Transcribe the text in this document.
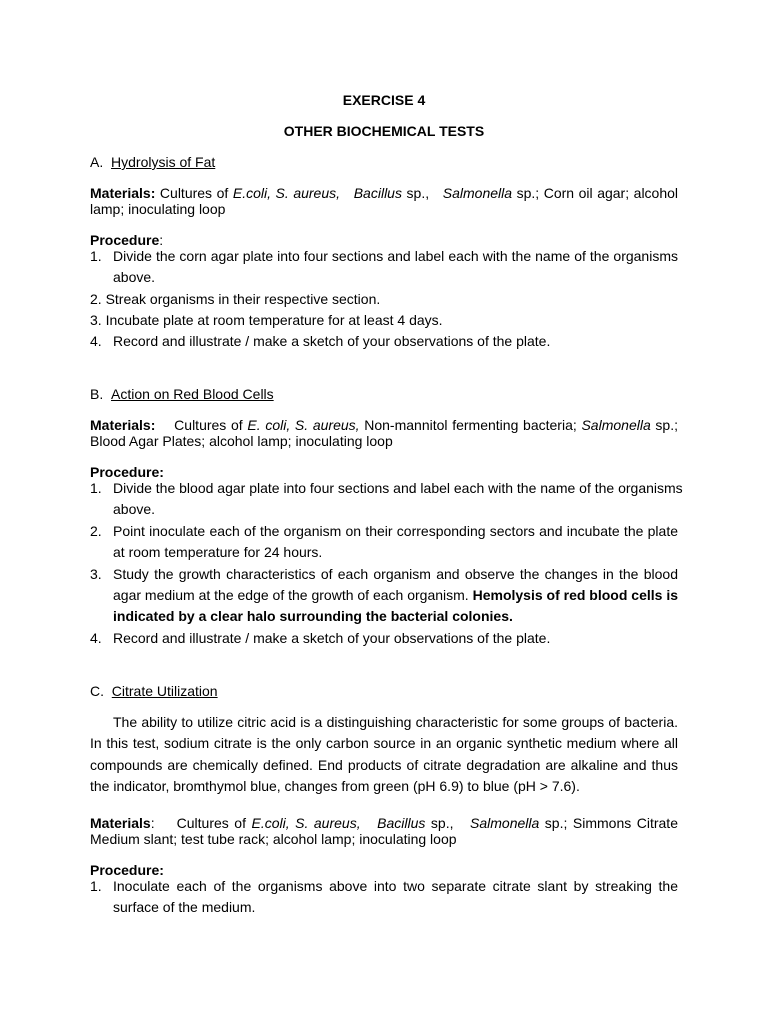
EXERCISE 4
OTHER BIOCHEMICAL TESTS
A. Hydrolysis of Fat
Materials: Cultures of E.coli, S. aureus, Bacillus sp.,   Salmonella sp.; Corn oil agar; alcohol
lamp; inoculating loop
Procedure:
1. Divide the corn agar plate into four sections and label each with the name of the organisms
above.
2. Streak organisms in their respective section.
3. Incubate plate at room temperature for at least 4 days.
4. Record and illustrate / make a sketch of your observations of the plate.
B. Action on Red Blood Cells
Materials: Cultures of E. coli, S. aureus, Non-mannitol fermenting bacteria; Salmonella sp.;
Blood Agar Plates; alcohol lamp; inoculating loop
Procedure:
1. Divide the blood agar plate into four sections and label each with the name of the organisms
above.
2. Point inoculate each of the organism on their corresponding sectors and incubate the plate
at room temperature for 24 hours.
3. Study the growth characteristics of each organism and observe the changes in the blood
agar medium at the edge of the growth of each organism. Hemolysis of red blood cells is
indicated by a clear halo surrounding the bacterial colonies.
4. Record and illustrate / make a sketch of your observations of the plate.
C. Citrate Utilization
The ability to utilize citric acid is a distinguishing characteristic for some groups of bacteria.
In this test, sodium citrate is the only carbon source in an organic synthetic medium where all
compounds are chemically defined. End products of citrate degradation are alkaline and thus
the indicator, bromthymol blue, changes from green (pH 6.9) to blue (pH > 7.6).
Materials: Cultures of E.coli, S. aureus, Bacillus sp.,   Salmonella sp.; Simmons Citrate
Medium slant; test tube rack; alcohol lamp; inoculating loop
Procedure:
1. Inoculate each of the organisms above into two separate citrate slant by streaking the
surface of the medium.
